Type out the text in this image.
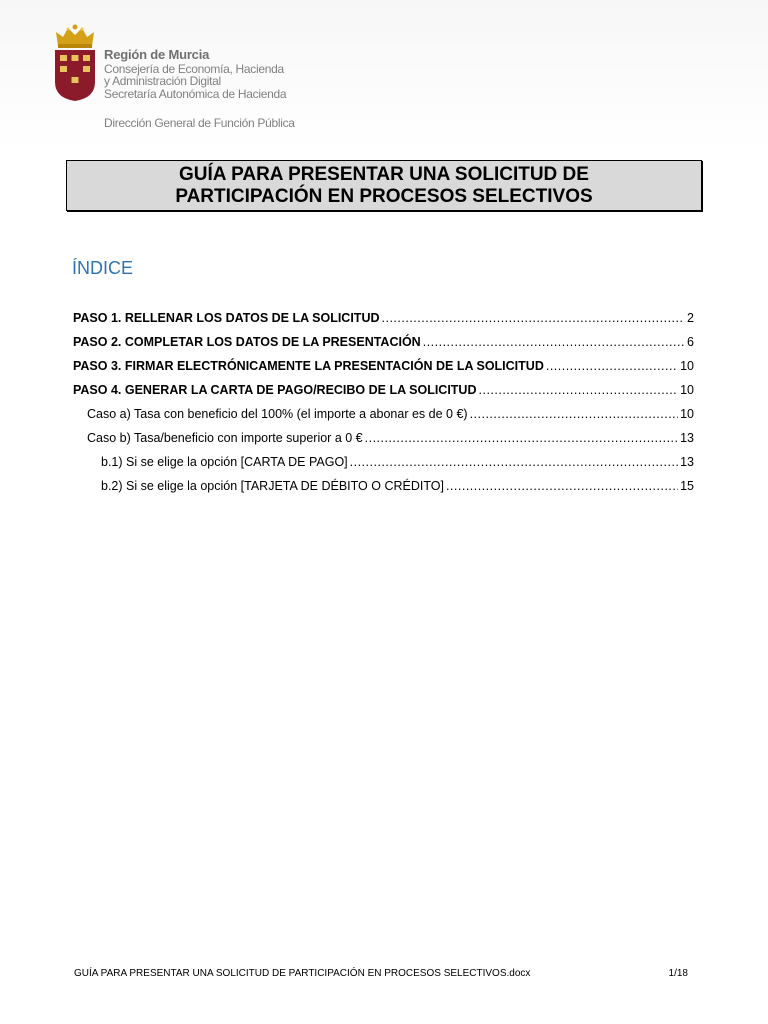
Región de Murcia
Consejería de Economía, Hacienda
y Administración Digital
Secretaría Autonómica de Hacienda
Dirección General de Función Pública
GUÍA PARA PRESENTAR UNA SOLICITUD DE
PARTICIPACIÓN EN PROCESOS SELECTIVOS
ÍNDICE
PASO 1. RELLENAR LOS DATOS DE LA SOLICITUD .....	2
PASO 2. COMPLETAR LOS DATOS DE LA PRESENTACIÓN .....	6
PASO 3. FIRMAR ELECTRÓNICAMENTE LA PRESENTACIÓN DE LA SOLICITUD .....	10
PASO 4. GENERAR LA CARTA DE PAGO/RECIBO DE LA SOLICITUD .....	10
Caso a) Tasa con beneficio del 100% (el importe a abonar es de 0 €) .....	10
Caso b) Tasa/beneficio con importe superior a 0 € .....	13
b.1) Si se elige la opción [CARTA DE PAGO] .....	13
b.2) Si se elige la opción [TARJETA DE DÉBITO O CRÉDITO] .....	15
GUÍA PARA PRESENTAR UNA SOLICITUD DE PARTICIPACIÓN EN PROCESOS SELECTIVOS.docx	1/18
